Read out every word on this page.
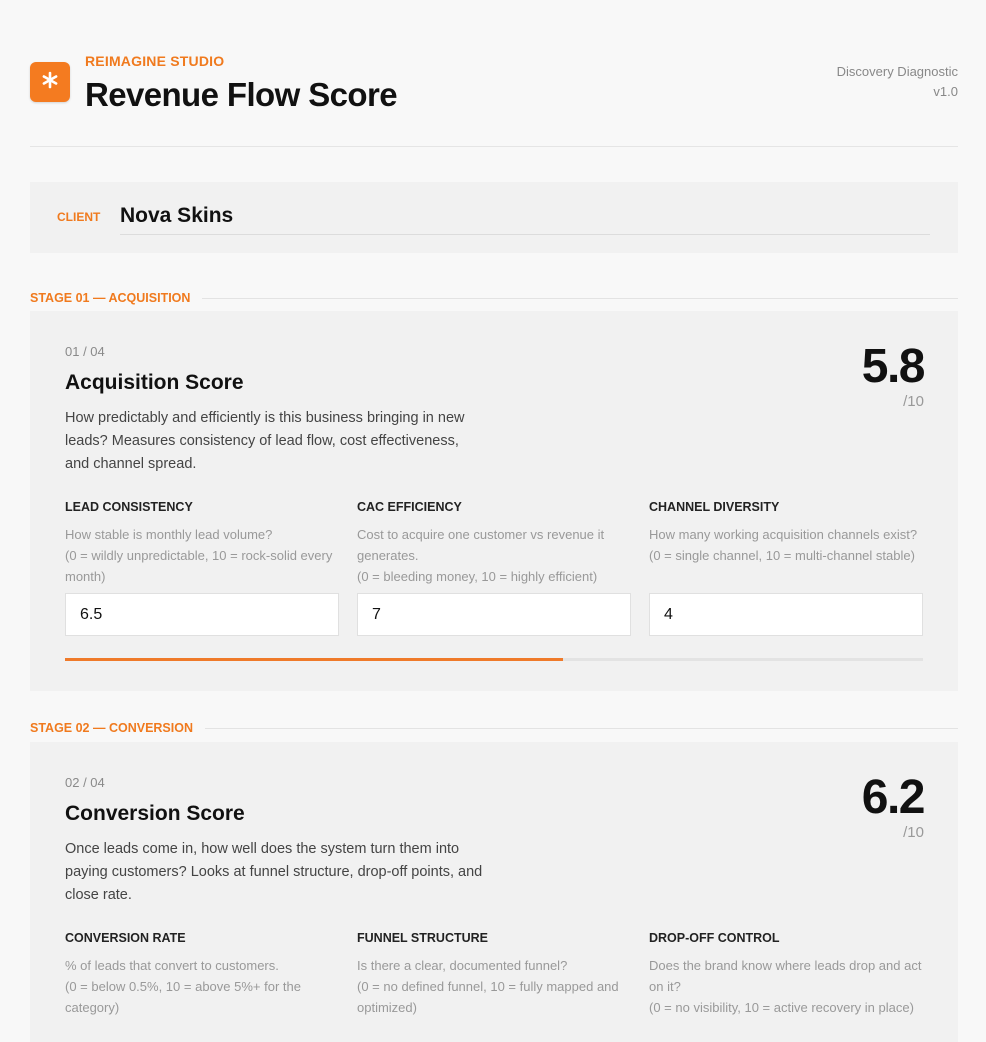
REIMAGINE STUDIO
Revenue Flow Score
Discovery Diagnostic
v1.0
CLIENT Nova Skins
STAGE 01 — ACQUISITION
01 / 04
Acquisition Score
How predictably and efficiently is this business bringing in new leads? Measures consistency of lead flow, cost effectiveness, and channel spread.
5.8
/10
LEAD CONSISTENCY
How stable is monthly lead volume?
(0 = wildly unpredictable, 10 = rock-solid every month)
6.5
CAC EFFICIENCY
Cost to acquire one customer vs revenue it generates.
(0 = bleeding money, 10 = highly efficient)
7
CHANNEL DIVERSITY
How many working acquisition channels exist?
(0 = single channel, 10 = multi-channel stable)
4
STAGE 02 — CONVERSION
02 / 04
Conversion Score
Once leads come in, how well does the system turn them into paying customers? Looks at funnel structure, drop-off points, and close rate.
6.2
/10
CONVERSION RATE
% of leads that convert to customers.
(0 = below 0.5%, 10 = above 5%+ for the category)
FUNNEL STRUCTURE
Is there a clear, documented funnel?
(0 = no defined funnel, 10 = fully mapped and optimized)
DROP-OFF CONTROL
Does the brand know where leads drop and act on it?
(0 = no visibility, 10 = active recovery in place)
